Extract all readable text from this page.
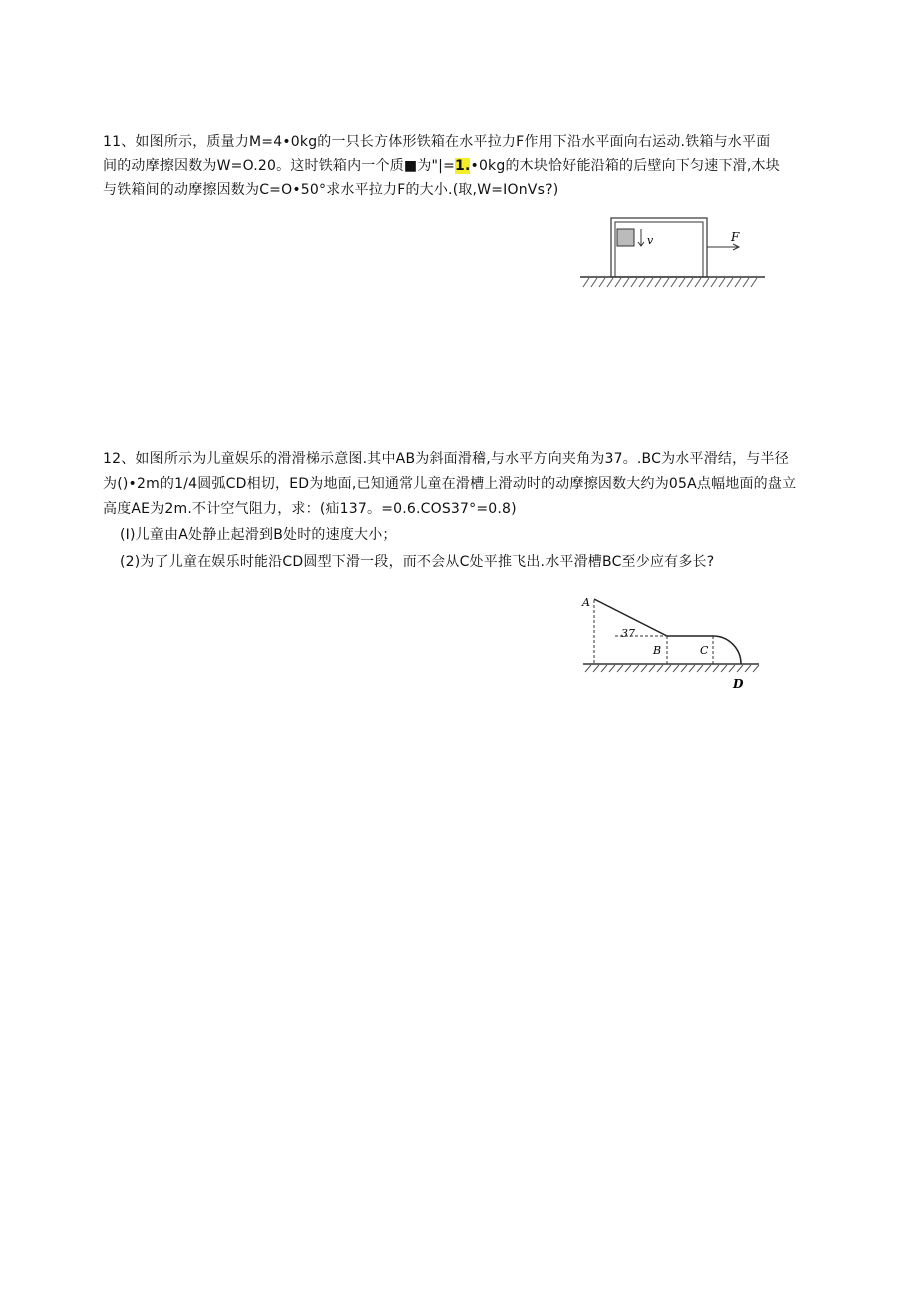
11、如图所示，质量力M=4•0kg的一只长方体形铁箱在水平拉力F作用下沿水平面向右运动.铁箱与水平面
间的动摩擦因数为W=O.20。这时铁箱内一个质■为"|=1.•0kg的木块恰好能沿箱的后壁向下匀速下滑,木块
与铁箱间的动摩擦因数为C=O•50°求水平拉力F的大小.(取,W=IOnVs?)
v	F
12、如图所示为儿童娱乐的滑滑梯示意图.其中AB为斜面滑稽,与水平方向夹角为37。.BC为水平滑结，与半径
为()•2m的1/4圆弧CD相切，ED为地面,已知通常儿童在滑槽上滑动时的动摩擦因数大约为05A点幅地面的盘立
高度AE为2m.不计空气阻力，求：(疝137。=0.6.COS37°=0.8)
(I)儿童由A处静止起滑到B处时的速度大小；
(2)为了儿童在娱乐时能沿CD圆型下滑一段，而不会从C处平推飞出.水平滑槽BC至少应有多长?
A
37
B	C
D
